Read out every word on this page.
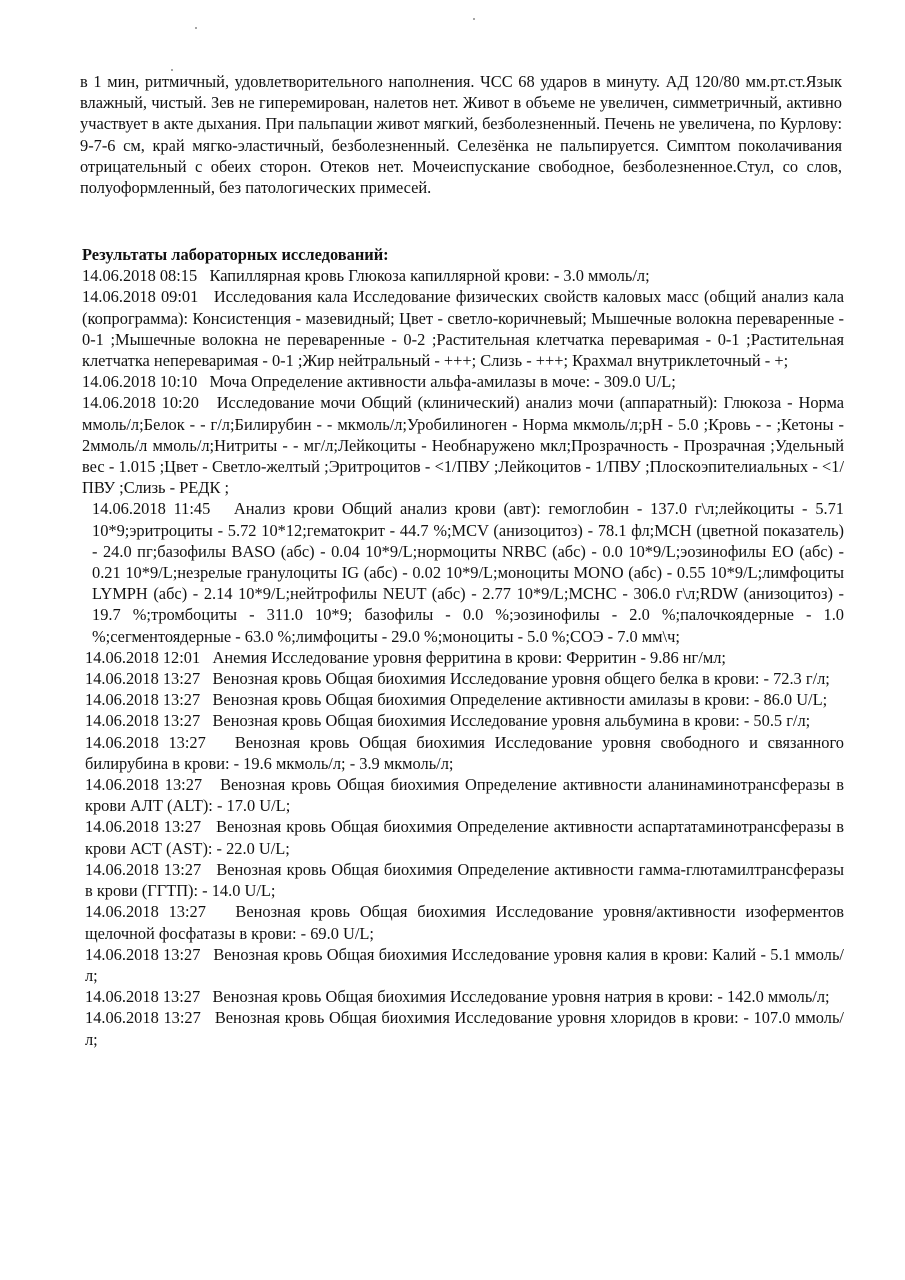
в 1 мин, ритмичный, удовлетворительного наполнения. ЧСС 68 ударов в минуту. АД 120/80 мм.рт.ст.Язык влажный, чистый. Зев не гиперемирован, налетов нет. Живот в объеме не увеличен, симметричный, активно участвует в акте дыхания. При пальпации живот мягкий, безболезненный. Печень не увеличена, по Курлову: 9-7-6 см, край мягко-эластичный, безболезненный. Селезёнка не пальпируется. Симптом поколачивания отрицательный с обеих сторон. Отеков нет. Мочеиспускание свободное, безболезненное.Стул, со слов, полуоформленный, без патологических примесей.
Результаты лабораторных исследований:
14.06.2018 08:15 Капиллярная кровь Глюкоза капиллярной крови: - 3.0 ммоль/л;
14.06.2018 09:01 Исследования кала Исследование физических свойств каловых масс (общий анализ кала (копрограмма): Консистенция - мазевидный; Цвет - светло-коричневый; Мышечные волокна переваренные - 0-1 ;Мышечные волокна не переваренные - 0-2 ;Растительная клетчатка переваримая - 0-1 ;Растительная клетчатка непереваримая - 0-1 ;Жир нейтральный - +++; Слизь - +++; Крахмал внутриклеточный - +;
14.06.2018 10:10 Моча Определение активности альфа-амилазы в моче: - 309.0 U/L;
14.06.2018 10:20 Исследование мочи Общий (клинический) анализ мочи (аппаратный): Глюкоза - Норма ммоль/л;Белок - - г/л;Билирубин - - мкмоль/л;Уробилиноген - Норма мкмоль/л;pH - 5.0 ;Кровь - - ;Кетоны - 2ммоль/л ммоль/л;Нитриты - - мг/л;Лейкоциты - Необнаружено мкл;Прозрачность - Прозрачная ;Удельный вес - 1.015 ;Цвет - Светло-желтый ;Эритроцитов - <1/ПВУ ;Лейкоцитов - 1/ПВУ ;Плоскоэпителиальных - <1/ПВУ ;Слизь - РЕДК ;
14.06.2018 11:45 Анализ крови Общий анализ крови (авт): гемоглобин - 137.0 г\л;лейкоциты - 5.71 10*9;эритроциты - 5.72 10*12;гематокрит - 44.7 %;MCV (анизоцитоз) - 78.1 фл;MCH (цветной показатель) - 24.0 пг;базофилы BASO (абс) - 0.04 10*9/L;нормоциты NRBC (абс) - 0.0 10*9/L;эозинофилы EO (абс) - 0.21 10*9/L;незрелые гранулоциты IG (абс) - 0.02 10*9/L;моноциты MONO (абс) - 0.55 10*9/L;лимфоциты LYMPH (абс) - 2.14 10*9/L;нейтрофилы NEUT (абс) - 2.77 10*9/L;MCHC - 306.0 г\л;RDW (анизоцитоз) - 19.7 %;тромбоциты - 311.0 10*9; базофилы - 0.0 %;эозинофилы - 2.0 %;палочкоядерные - 1.0 %;сегментоядерные - 63.0 %;лимфоциты - 29.0 %;моноциты - 5.0 %;СОЭ - 7.0 мм\ч;
14.06.2018 12:01 Анемия Исследование уровня ферритина в крови: Ферритин - 9.86 нг/мл;
14.06.2018 13:27 Венозная кровь Общая биохимия Исследование уровня общего белка в крови: - 72.3 г/л;
14.06.2018 13:27 Венозная кровь Общая биохимия Определение активности амилазы в крови: - 86.0 U/L;
14.06.2018 13:27 Венозная кровь Общая биохимия Исследование уровня альбумина в крови: - 50.5 г/л;
14.06.2018 13:27 Венозная кровь Общая биохимия Исследование уровня свободного и связанного билирубина в крови: - 19.6 мкмоль/л; - 3.9 мкмоль/л;
14.06.2018 13:27 Венозная кровь Общая биохимия Определение активности аланинаминотрансферазы в крови АЛТ (ALT): - 17.0 U/L;
14.06.2018 13:27 Венозная кровь Общая биохимия Определение активности аспартатаминотрансферазы в крови АСТ (AST): - 22.0 U/L;
14.06.2018 13:27 Венозная кровь Общая биохимия Определение активности гамма-глютамилтрансферазы в крови (ГГТП): - 14.0 U/L;
14.06.2018 13:27 Венозная кровь Общая биохимия Исследование уровня/активности изоферментов щелочной фосфатазы в крови: - 69.0 U/L;
14.06.2018 13:27 Венозная кровь Общая биохимия Исследование уровня калия в крови: Калий - 5.1 ммоль/л;
14.06.2018 13:27 Венозная кровь Общая биохимия Исследование уровня натрия в крови: - 142.0 ммоль/л;
14.06.2018 13:27 Венозная кровь Общая биохимия Исследование уровня хлоридов в крови: - 107.0 ммоль/л;
